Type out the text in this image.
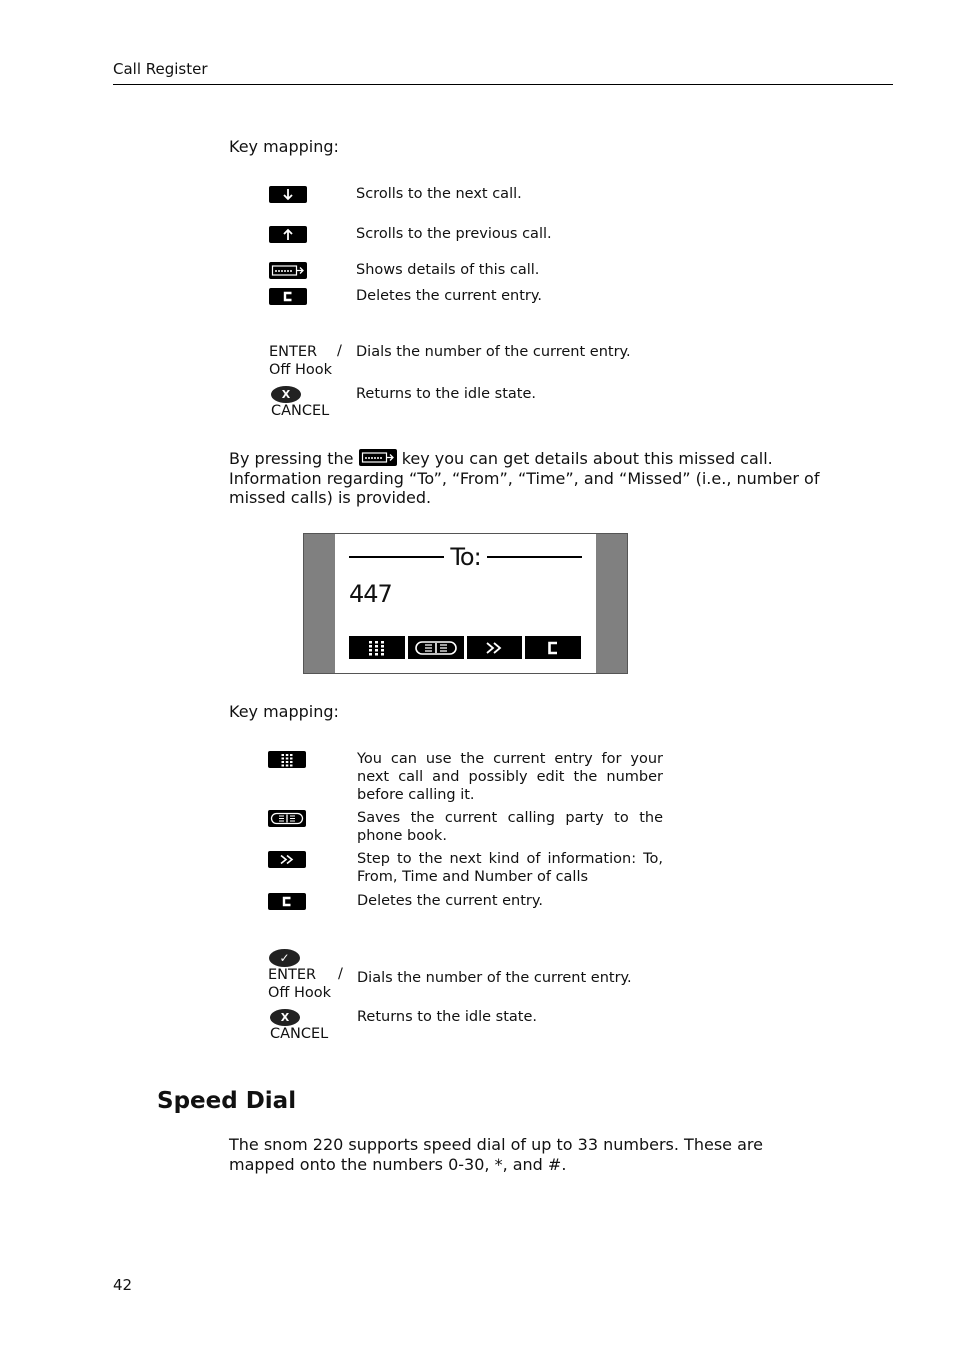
Call Register
Key mapping:
Scrolls to the next call.
Scrolls to the previous call.
Shows details of this call.
Deletes the current entry.
ENTER /
Off Hook
Dials the number of the current entry.
X
CANCEL
Returns to the idle state.
By pressing the	key you can get details about this missed call. Information regarding “To”, “From”, “Time”, and “Missed” (i.e., number of missed calls) is provided.
To:
447
Key mapping:
You can use the current entry for your next call and possibly edit the number before calling it.
Saves the current calling party to the phone book.
Step to the next kind of information: To, From, Time and Number of calls
Deletes the current entry.
✓
ENTER /
Off Hook
Dials the number of the current entry.
X
CANCEL
Returns to the idle state.
Speed Dial
The snom 220 supports speed dial of up to 33 numbers. These are mapped onto the numbers 0-30, *, and #.
42
